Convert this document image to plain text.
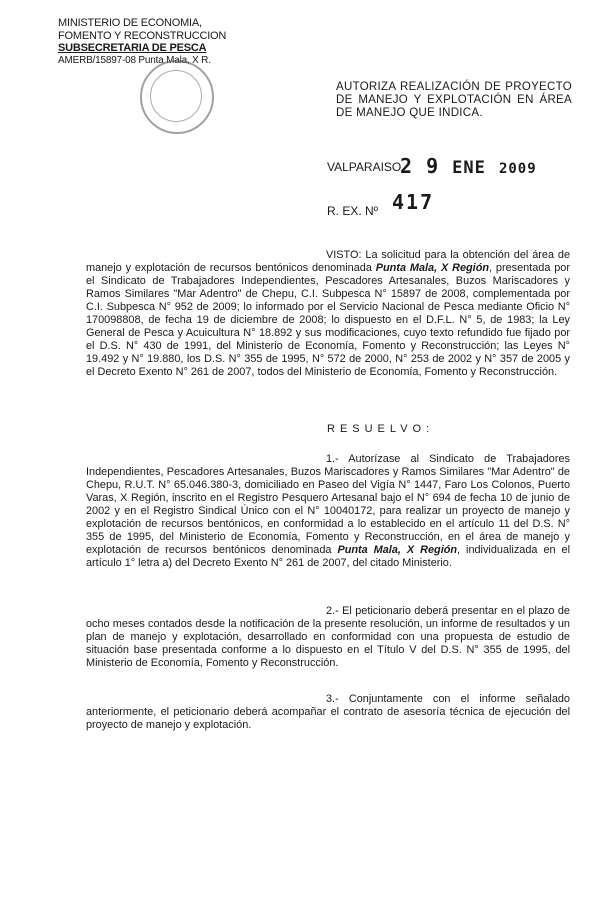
MINISTERIO DE ECONOMIA,
FOMENTO Y RECONSTRUCCION
SUBSECRETARIA DE PESCA
AMERB/15897-08 Punta Mala, X R.
AUTORIZA REALIZACIÓN DE PROYECTO DE MANEJO Y EXPLOTACIÓN EN ÁREA DE MANEJO QUE INDICA.
VALPARAISO,
2 9 ENE 2009
R. EX. Nº 417
VISTO: La solicitud para la obtención del área de manejo y explotación de recursos bentónicos denominada Punta Mala, X Región, presentada por el Sindicato de Trabajadores Independientes, Pescadores Artesanales, Buzos Mariscadores y Ramos Similares "Mar Adentro" de Chepu, C.I. Subpesca N° 15897 de 2008, complementada por C.I. Subpesca N° 952 de 2009; lo informado por el Servicio Nacional de Pesca mediante Oficio N° 170098808, de fecha 19 de diciembre de 2008; lo dispuesto en el D.F.L. N° 5, de 1983; la Ley General de Pesca y Acuicultura N° 18.892 y sus modificaciones, cuyo texto refundido fue fijado por el D.S. N° 430 de 1991, del Ministerio de Economía, Fomento y Reconstrucción; las Leyes N° 19.492 y N° 19.880, los D.S. N° 355 de 1995, N° 572 de 2000, N° 253 de 2002 y N° 357 de 2005 y el Decreto Exento N° 261 de 2007, todos del Ministerio de Economía, Fomento y Reconstrucción.
RESUELVO:
1.- Autorízase al Sindicato de Trabajadores Independientes, Pescadores Artesanales, Buzos Mariscadores y Ramos Similares "Mar Adentro" de Chepu, R.U.T. N° 65.046.380-3, domiciliado en Paseo del Vigía N° 1447, Faro Los Colonos, Puerto Varas, X Región, inscrito en el Registro Pesquero Artesanal bajo el N° 694 de fecha 10 de junio de 2002 y en el Registro Sindical Único con el N° 10040172, para realizar un proyecto de manejo y explotación de recursos bentónicos, en conformidad a lo establecido en el artículo 11 del D.S. N° 355 de 1995, del Ministerio de Economía, Fomento y Reconstrucción, en el área de manejo y explotación de recursos bentónicos denominada Punta Mala, X Región, individualizada en el artículo 1° letra a) del Decreto Exento N° 261 de 2007, del citado Ministerio.
2.- El peticionario deberá presentar en el plazo de ocho meses contados desde la notificación de la presente resolución, un informe de resultados y un plan de manejo y explotación, desarrollado en conformidad con una propuesta de estudio de situación base presentada conforme a lo dispuesto en el Título V del D.S. N° 355 de 1995, del Ministerio de Economía, Fomento y Reconstrucción.
3.- Conjuntamente con el informe señalado anteriormente, el peticionario deberá acompañar el contrato de asesoría técnica de ejecución del proyecto de manejo y explotación.
